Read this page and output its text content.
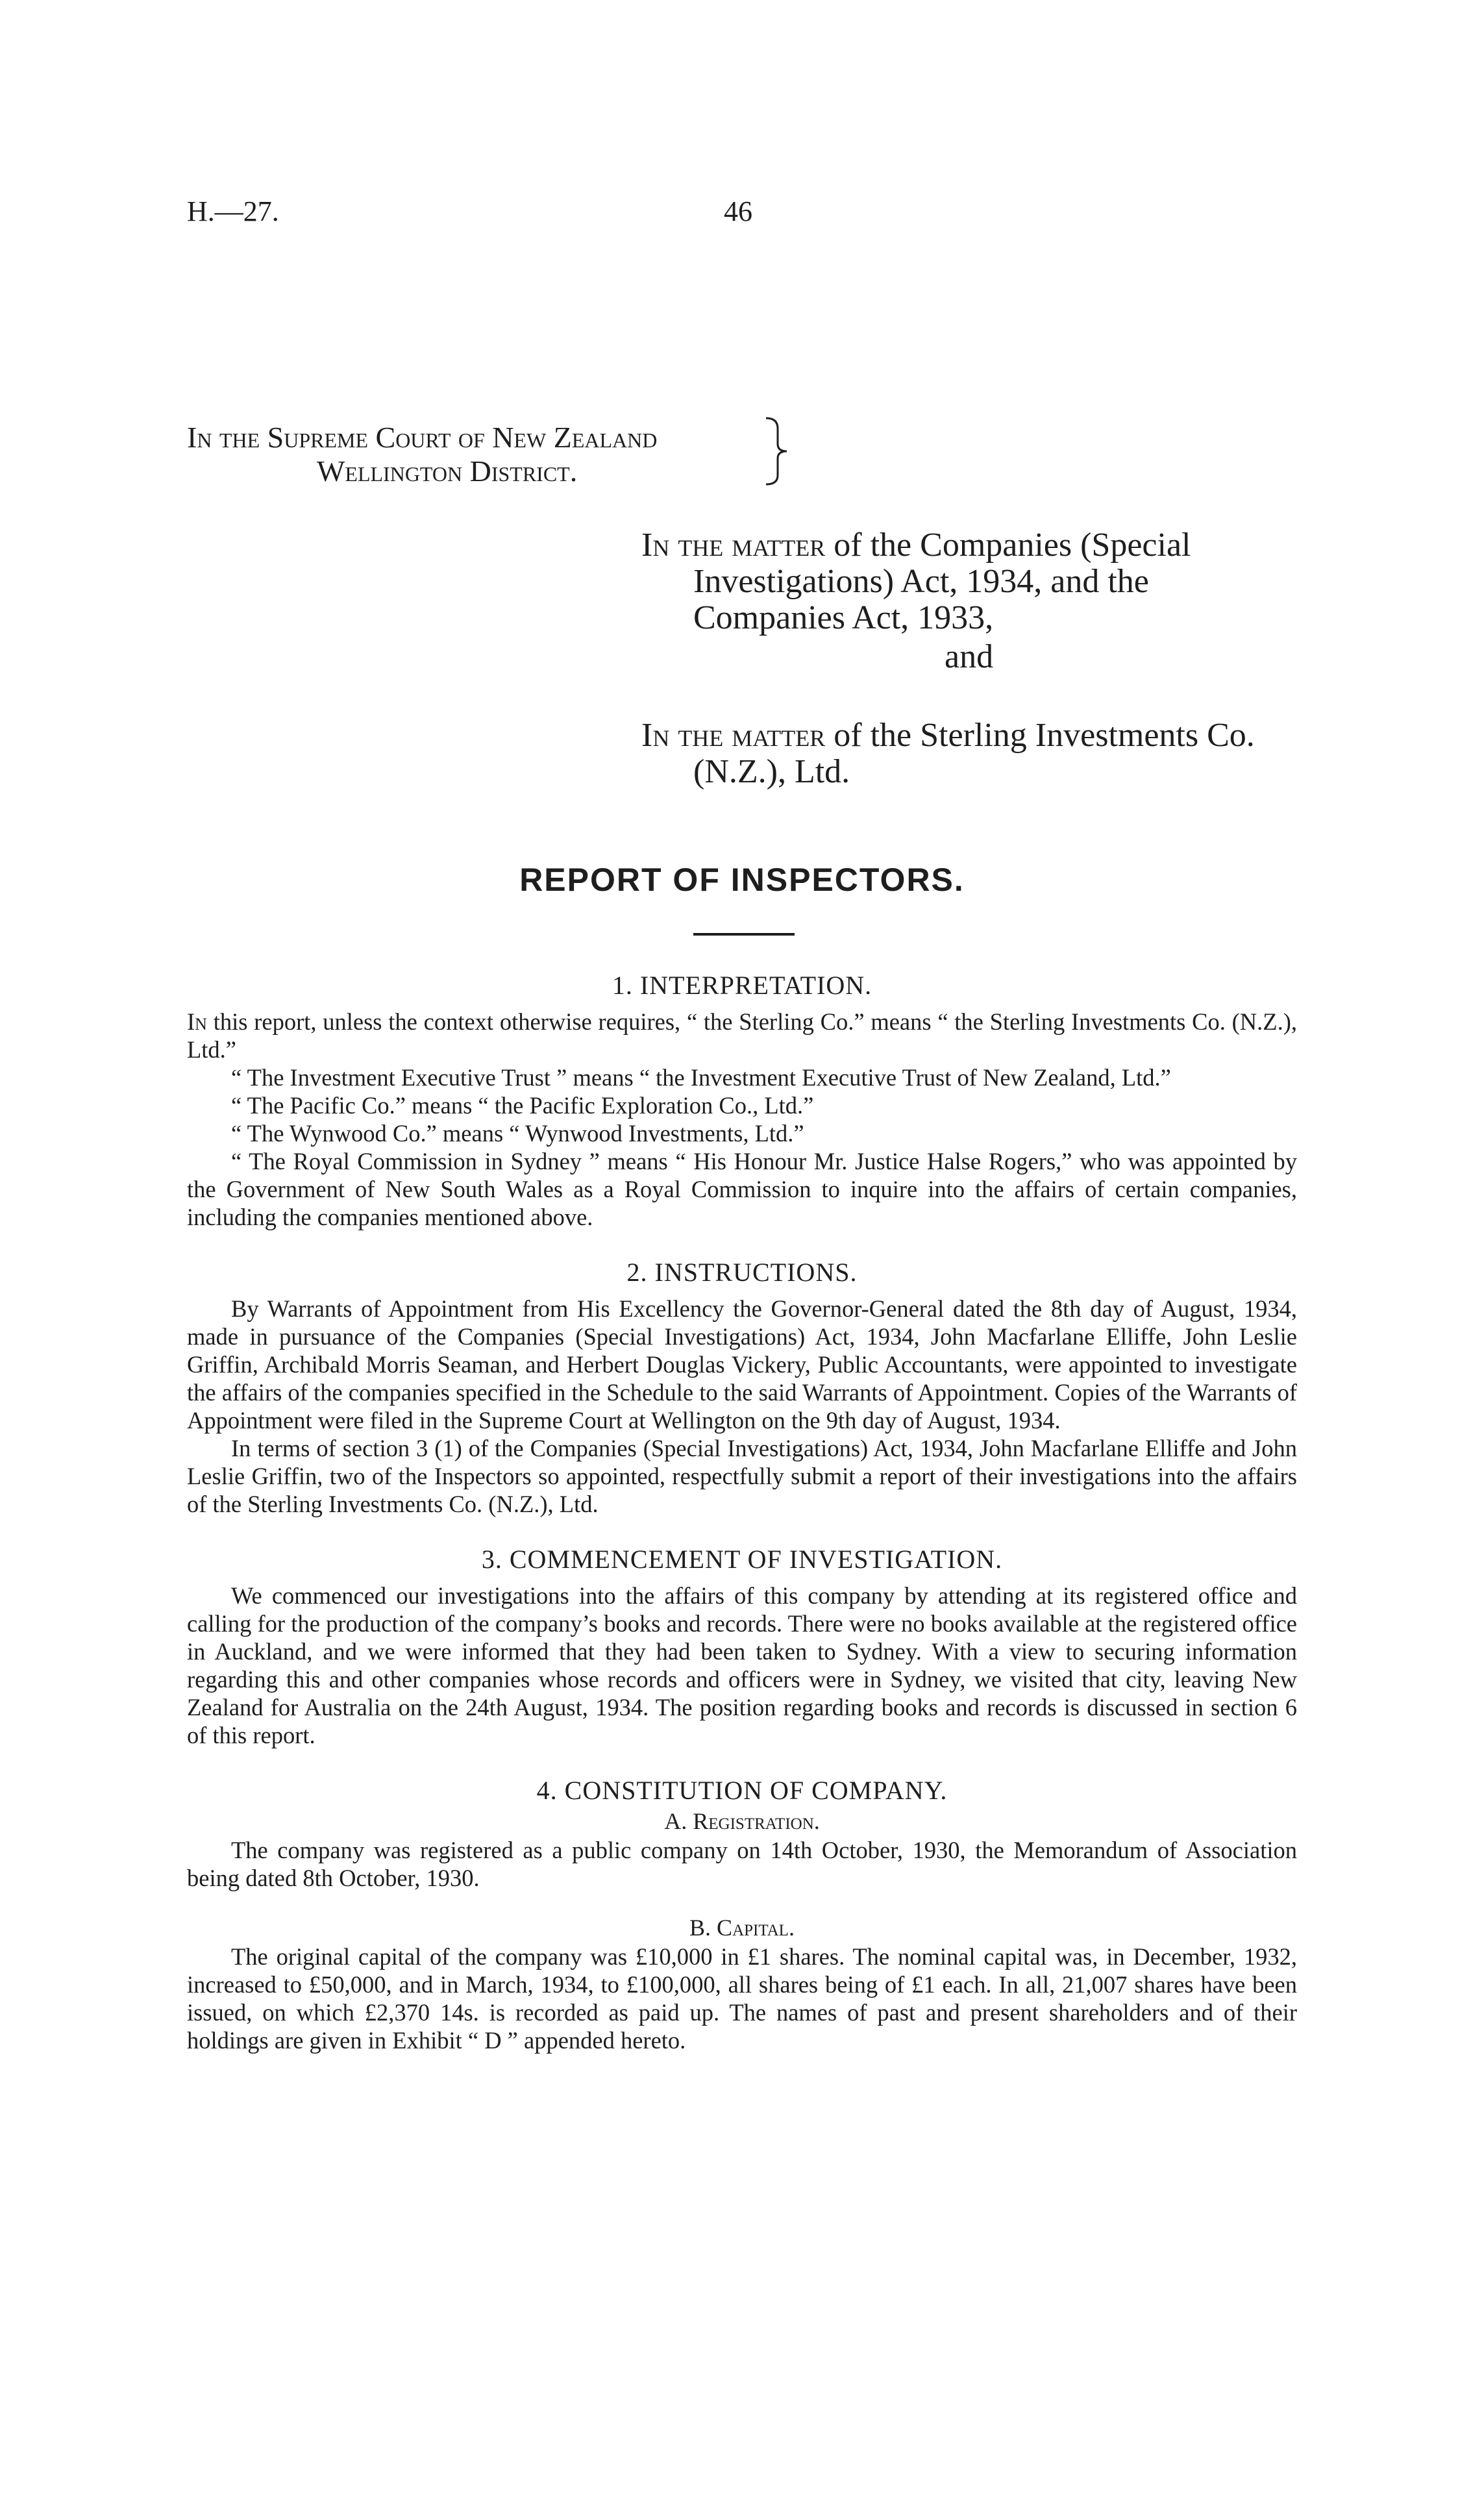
H.—27.	46
In the Supreme Court of New Zealand
Wellington District.

In the matter of the Companies (Special Investigations) Act, 1934, and the Companies Act, 1933,

and

In the matter of the Sterling Investments Co. (N.Z.), Ltd.

REPORT OF INSPECTORS.
1. INTERPRETATION.

In this report, unless the context otherwise requires, “ the Sterling Co.” means “ the Sterling Investments Co. (N.Z.), Ltd.”

“ The Investment Executive Trust ” means “ the Investment Executive Trust of New Zealand, Ltd.”

“ The Pacific Co.” means “ the Pacific Exploration Co., Ltd.”

“ The Wynwood Co.” means “ Wynwood Investments, Ltd.”

“ The Royal Commission in Sydney ” means “ His Honour Mr. Justice Halse Rogers,” who was appointed by the Government of New South Wales as a Royal Commission to inquire into the affairs of certain companies, including the companies mentioned above.

2. INSTRUCTIONS.

By Warrants of Appointment from His Excellency the Governor-General dated the 8th day of August, 1934, made in pursuance of the Companies (Special Investigations) Act, 1934, John Macfarlane Elliffe, John Leslie Griffin, Archibald Morris Seaman, and Herbert Douglas Vickery, Public Accountants, were appointed to investigate the affairs of the companies specified in the Schedule to the said Warrants of Appointment. Copies of the Warrants of Appointment were filed in the Supreme Court at Wellington on the 9th day of August, 1934.

In terms of section 3 (1) of the Companies (Special Investigations) Act, 1934, John Macfarlane Elliffe and John Leslie Griffin, two of the Inspectors so appointed, respectfully submit a report of their investigations into the affairs of the Sterling Investments Co. (N.Z.), Ltd.

3. COMMENCEMENT OF INVESTIGATION.

We commenced our investigations into the affairs of this company by attending at its registered office and calling for the production of the company’s books and records. There were no books available at the registered office in Auckland, and we were informed that they had been taken to Sydney. With a view to securing information regarding this and other companies whose records and officers were in Sydney, we visited that city, leaving New Zealand for Australia on the 24th August, 1934. The position regarding books and records is discussed in section 6 of this report.

4. CONSTITUTION OF COMPANY.
A. Registration.

The company was registered as a public company on 14th October, 1930, the Memorandum of Association being dated 8th October, 1930.

B. Capital.

The original capital of the company was £10,000 in £1 shares. The nominal capital was, in December, 1932, increased to £50,000, and in March, 1934, to £100,000, all shares being of £1 each. In all, 21,007 shares have been issued, on which £2,370 14s. is recorded as paid up. The names of past and present shareholders and of their holdings are given in Exhibit “ D ” appended hereto.
